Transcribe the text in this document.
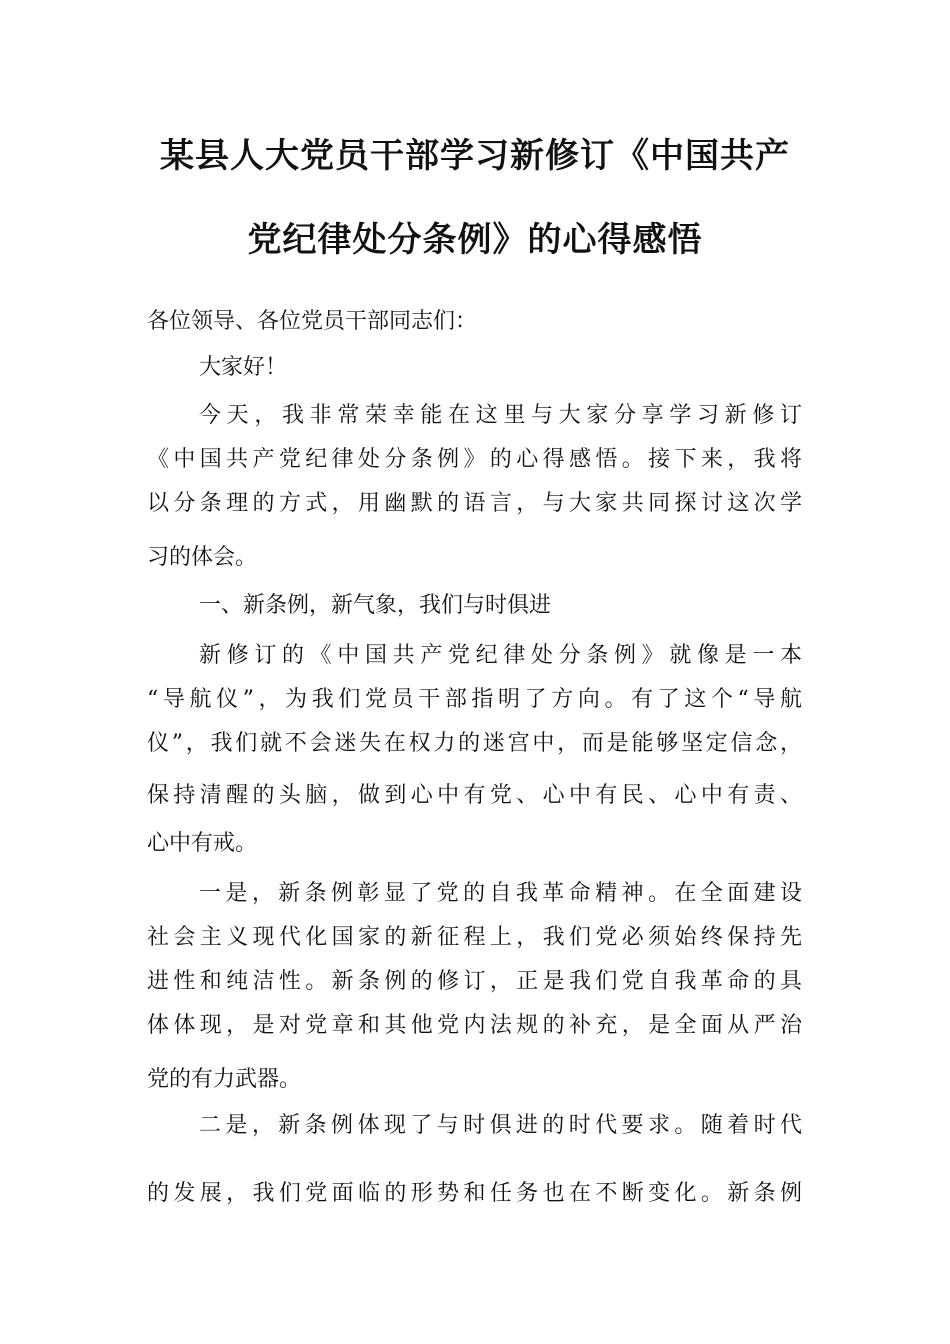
某县人大党员干部学习新修订《中国共产
党纪律处分条例》的心得感悟
各位领导、各位党员干部同志们：
大家好！
今天，我非常荣幸能在这里与大家分享学习新修订
《中国共产党纪律处分条例》的心得感悟。接下来，我将
以分条理的方式，用幽默的语言，与大家共同探讨这次学
习的体会。
一、新条例，新气象，我们与时俱进
新修订的《中国共产党纪律处分条例》就像是一本
“导航仪”，为我们党员干部指明了方向。有了这个“导航
仪”，我们就不会迷失在权力的迷宫中，而是能够坚定信念，
保持清醒的头脑，做到心中有党、心中有民、心中有责、
心中有戒。
一是，新条例彰显了党的自我革命精神。在全面建设
社会主义现代化国家的新征程上，我们党必须始终保持先
进性和纯洁性。新条例的修订，正是我们党自我革命的具
体体现，是对党章和其他党内法规的补充，是全面从严治
党的有力武器。
二是，新条例体现了与时俱进的时代要求。随着时代
的发展，我们党面临的形势和任务也在不断变化。新条例
